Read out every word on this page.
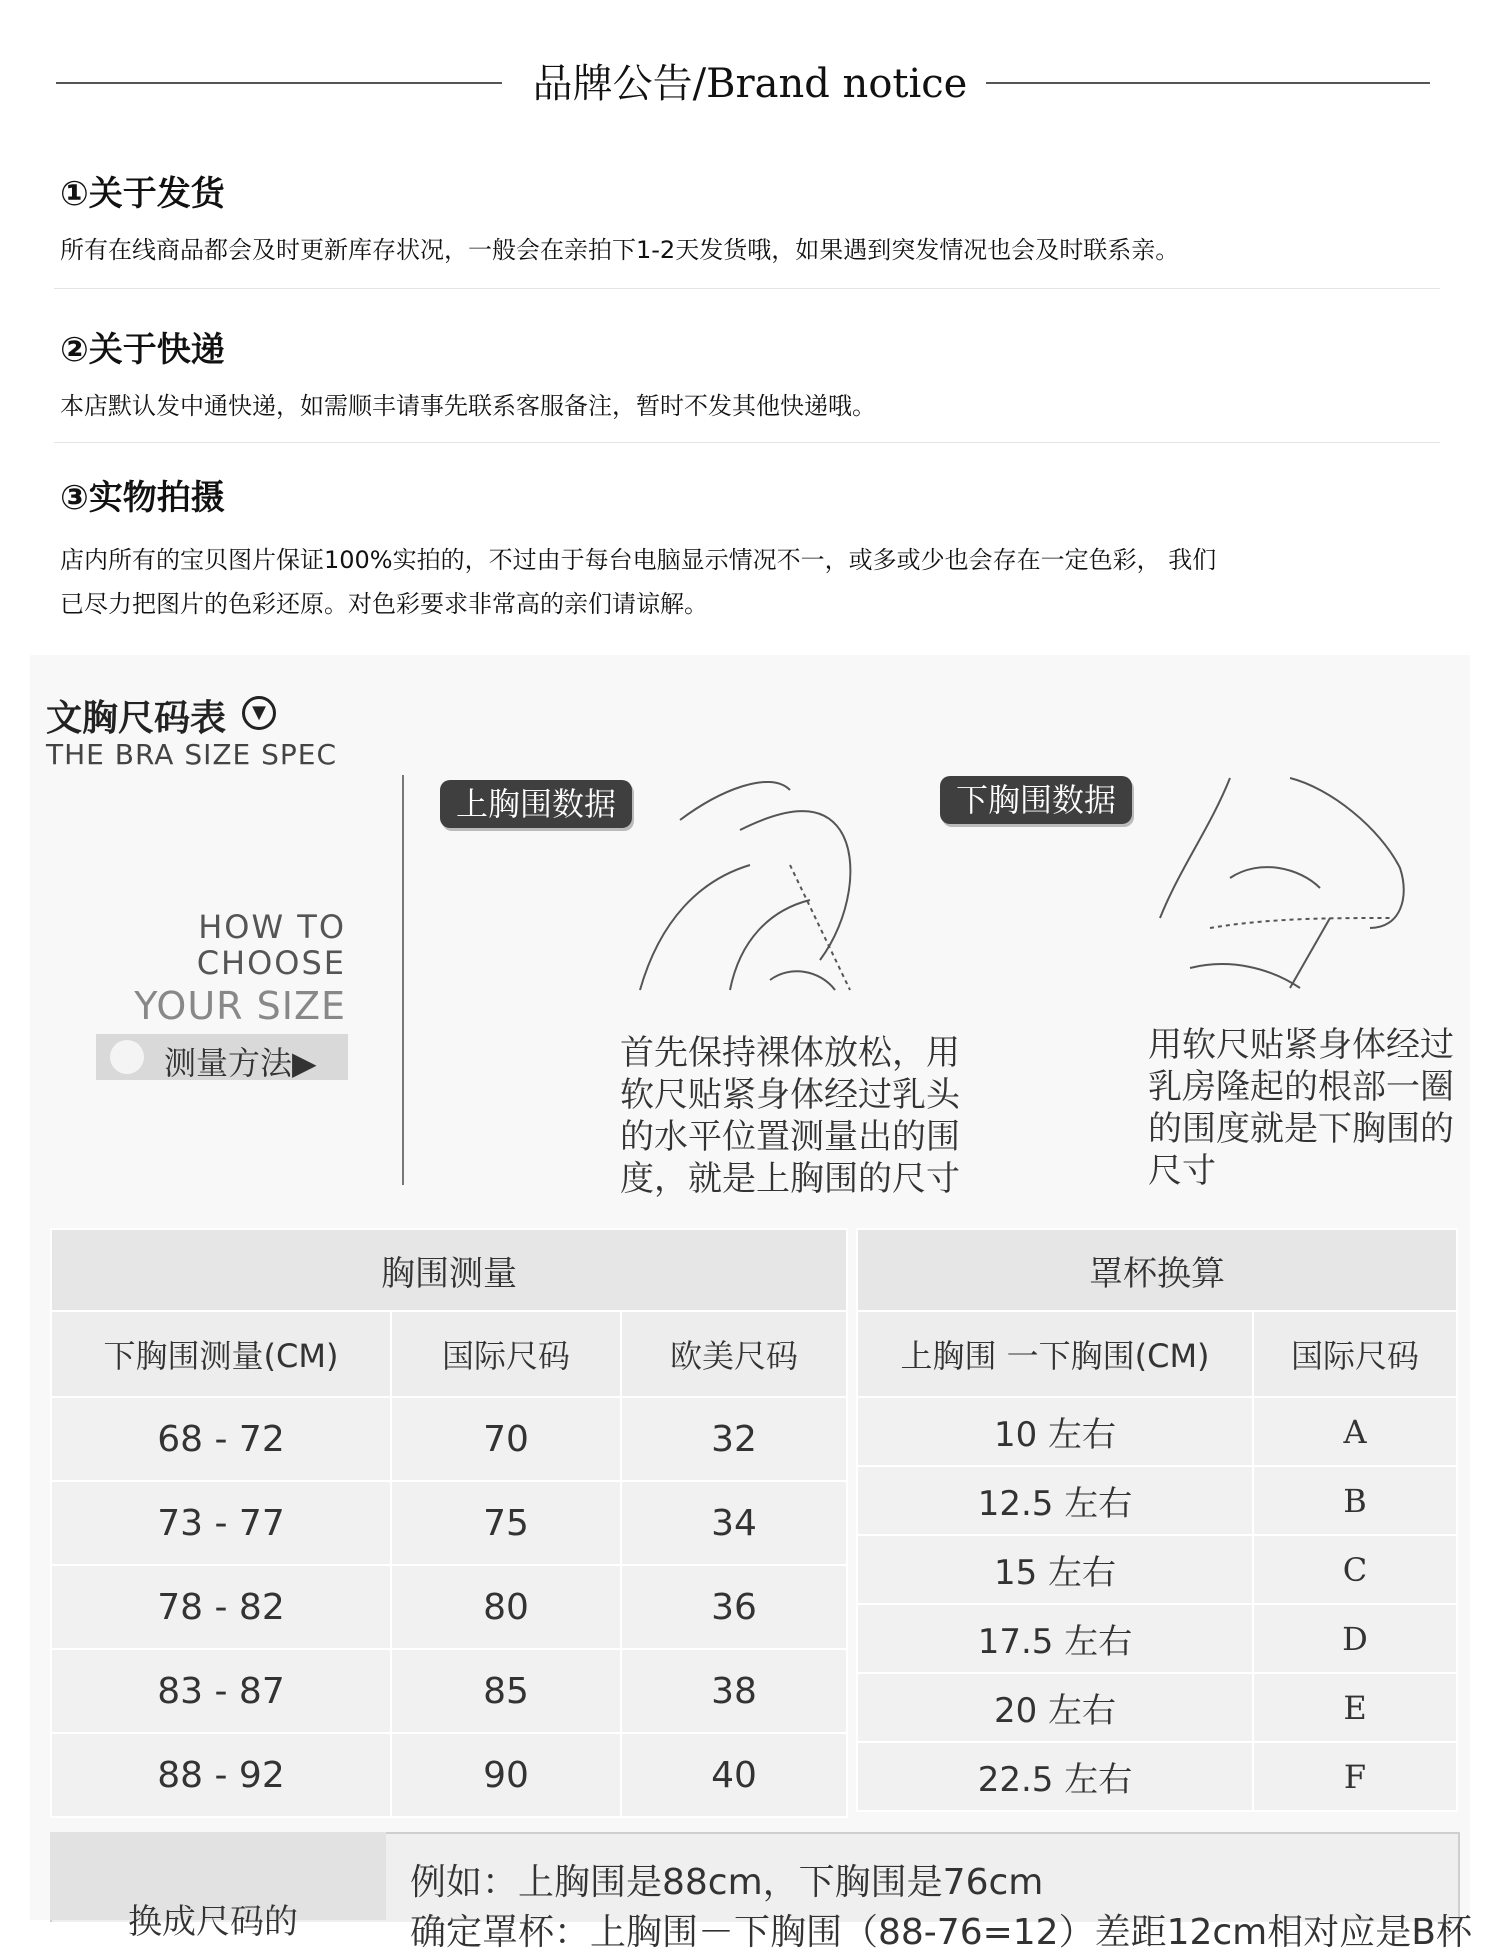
品牌公告/Brand notice
①关于发货
所有在线商品都会及时更新库存状况，一般会在亲拍下1-2天发货哦，如果遇到突发情况也会及时联系亲。
②关于快递
本店默认发中通快递，如需顺丰请事先联系客服备注，暂时不发其他快递哦。
③实物拍摄
店内所有的宝贝图片保证100%实拍的，不过由于每台电脑显示情况不一，或多或少也会存在一定色彩， 我们
已尽力把图片的色彩还原。对色彩要求非常高的亲们请谅解。
文胸尺码表	▼
THE BRA SIZE SPEC
HOW TO
CHOOSE
YOUR SIZE
测量方法▶
上胸围数据
首先保持裸体放松，用
软尺贴紧身体经过乳头
的水平位置测量出的围
度，就是上胸围的尺寸
下胸围数据
用软尺贴紧身体经过
乳房隆起的根部一圈
的围度就是下胸围的
尺寸
胸围测量		
下胸围测量(CM)	国际尺码	欧美尺码
68 - 72	70	32
73 - 77	75	34
78 - 82	80	36
83 - 87	85	38
88 - 92	90	40
罩杯换算	
上胸围 一下胸围(CM)	国际尺码
10 左右	A
12.5 左右	B
15 左右	C
17.5 左右	D
20 左右	E
22.5 左右	F
换成尺码的
例如：上胸围是88cm，下胸围是76cm
确定罩杯：上胸围－下胸围（88-76=12）差距12cm相对应是B杯
